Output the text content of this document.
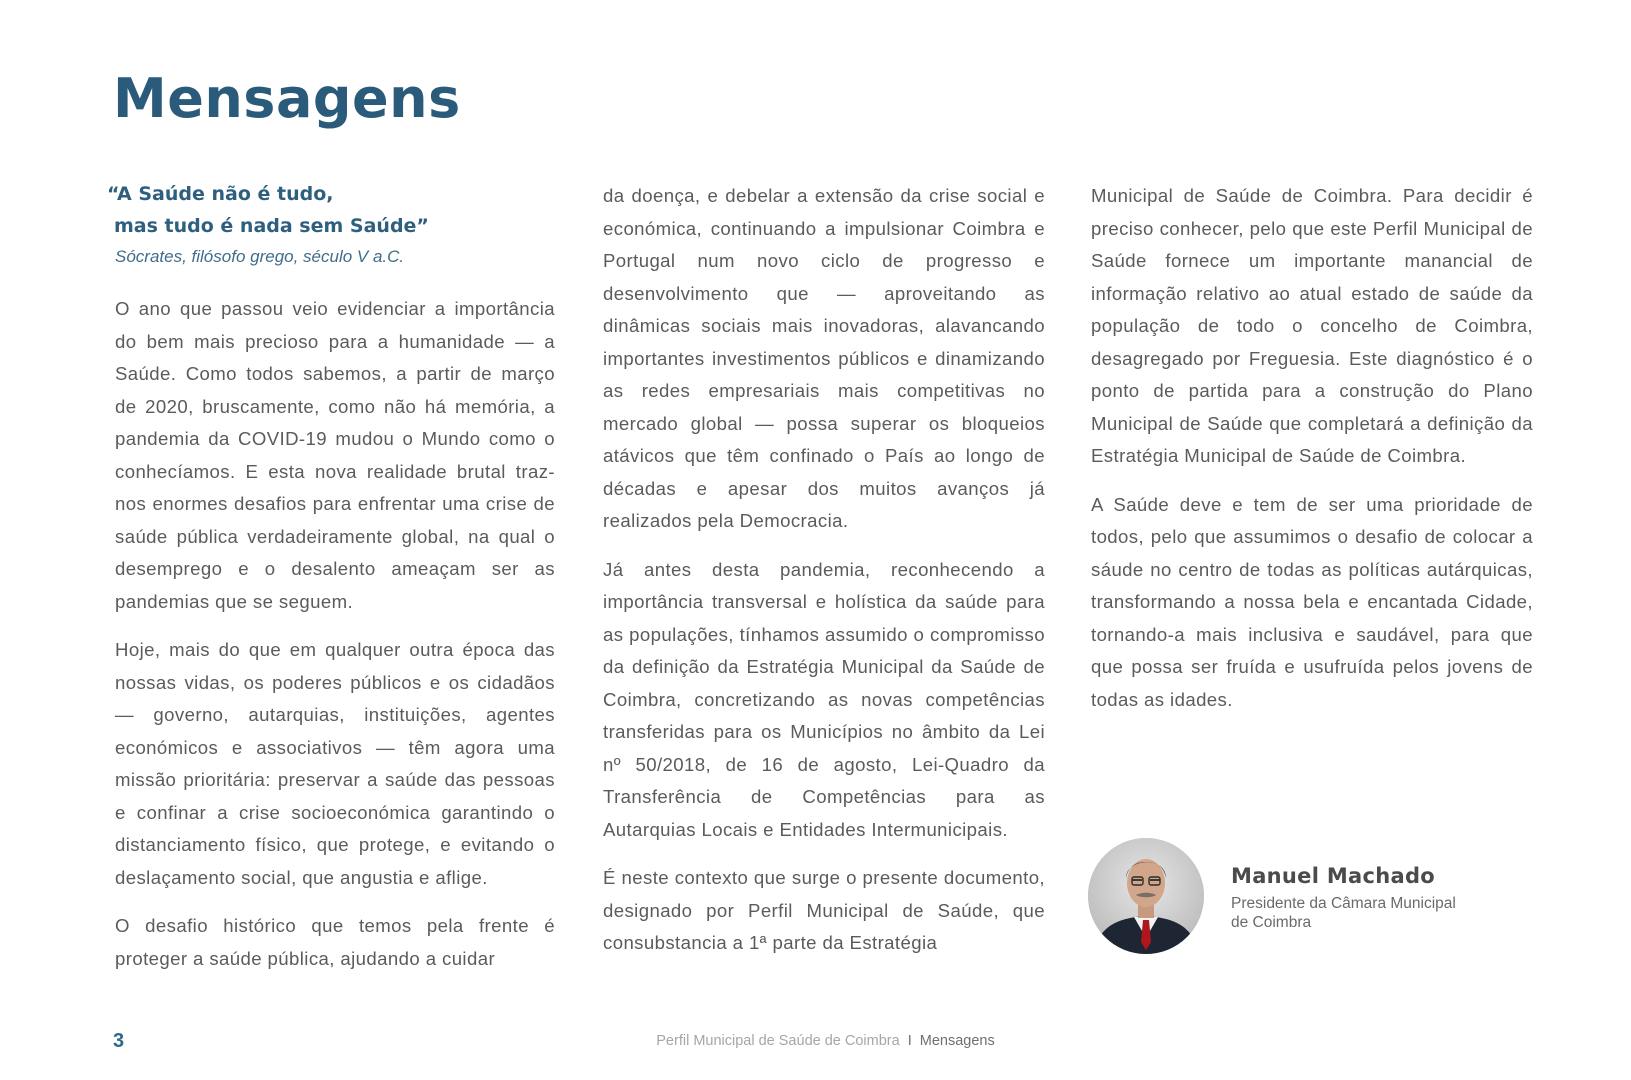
Mensagens
“A Saúde não é tudo,
mas tudo é nada sem Saúde”
Sócrates, filósofo grego, século V a.C.

O ano que passou veio evidenciar a importância do bem mais precioso para a humanidade — a Saúde. Como todos sabemos, a partir de março de 2020, bruscamente, como não há memória, a pandemia da COVID-19 mudou o Mundo como o conhecíamos. E esta nova realidade brutal traz-nos enormes desafios para enfrentar uma crise de saúde pública verdadeiramente global, na qual o desemprego e o desalento ameaçam ser as pandemias que se seguem.

Hoje, mais do que em qualquer outra época das nossas vidas, os poderes públicos e os cidadãos — governo, autarquias, instituições, agentes económicos e associativos — têm agora uma missão prioritária: preservar a saúde das pessoas e confinar a crise socioeconómica garantindo o distanciamento físico, que protege, e evitando o deslaçamento social, que angustia e aflige.

O desafio histórico que temos pela frente é proteger a saúde pública, ajudando a cuidar

da doença, e debelar a extensão da crise social e económica, continuando a impulsionar Coimbra e Portugal num novo ciclo de progresso e desenvolvimento que — aproveitando as dinâmicas sociais mais inovadoras, alavancando importantes investimentos públicos e dinamizando as redes empresariais mais competitivas no mercado global — possa superar os bloqueios atávicos que têm confinado o País ao longo de décadas e apesar dos muitos avanços já realizados pela Democracia.

Já antes desta pandemia, reconhecendo a importância transversal e holística da saúde para as populações, tínhamos assumido o compromisso da definição da Estratégia Municipal da Saúde de Coimbra, concretizando as novas competências transferidas para os Municípios no âmbito da Lei nº 50/2018, de 16 de agosto, Lei-Quadro da Transferência de Competências para as Autarquias Locais e Entidades Intermunicipais.

É neste contexto que surge o presente documento, designado por Perfil Municipal de Saúde, que consubstancia a 1ª parte da Estratégia

Municipal de Saúde de Coimbra. Para decidir é preciso conhecer, pelo que este Perfil Municipal de Saúde fornece um importante manancial de informação relativo ao atual estado de saúde da população de todo o concelho de Coimbra, desagregado por Freguesia. Este diagnóstico é o ponto de partida para a construção do Plano Municipal de Saúde que completará a definição da Estratégia Municipal de Saúde de Coimbra.

A Saúde deve e tem de ser uma prioridade de todos, pelo que assumimos o desafio de colocar a sáude no centro de todas as políticas autárquicas, transformando a nossa bela e encantada Cidade, tornando-a mais inclusiva e saudável, para que que possa ser fruída e usufruída pelos jovens de todas as idades.

Manuel Machado
Presidente da Câmara Municipal
de Coimbra
3	Perfil Municipal de Saúde de Coimbra I Mensagens
